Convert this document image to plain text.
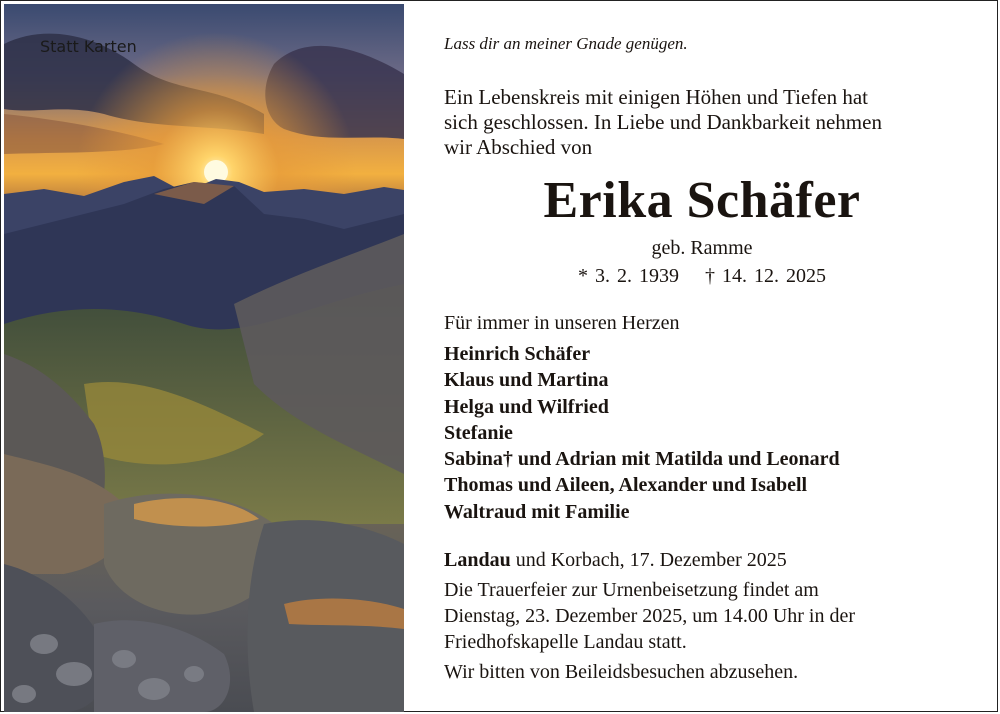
Statt Karten	Lass dir an meiner Gnade genügen.
Ein Lebenskreis mit einigen Höhen und Tiefen hat
sich geschlossen. In Liebe und Dankbarkeit nehmen
wir Abschied von
Erika Schäfer
geb. Ramme
* 3. 2. 1939 † 14. 12. 2025
Für immer in unseren Herzen
Heinrich Schäfer
Klaus und Martina
Helga und Wilfried
Stefanie
Sabina† und Adrian mit Matilda und Leonard
Thomas und Aileen, Alexander und Isabell
Waltraud mit Familie
Landau und Korbach, 17. Dezember 2025
Die Trauerfeier zur Urnenbeisetzung findet am
Dienstag, 23. Dezember 2025, um 14.00 Uhr in der
Friedhofskapelle Landau statt.
Wir bitten von Beileidsbesuchen abzusehen.
